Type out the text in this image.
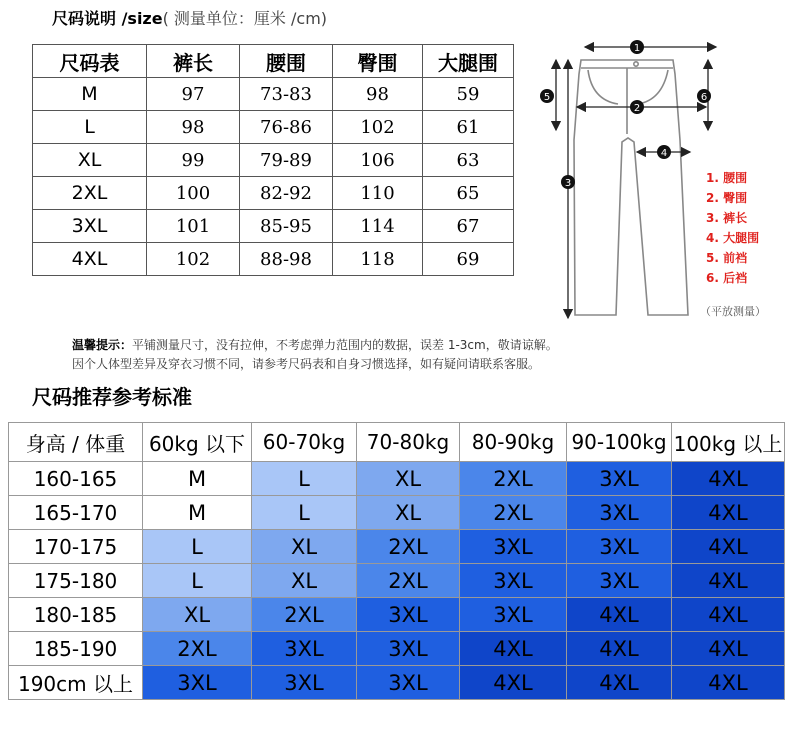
尺码说明 /size( 测量单位：厘米 /cm)
尺码表	裤长	腰围	臀围	大腿围
M	97	73-83	98	59
L	98	76-86	102	61
XL	99	79-89	106	63
2XL	100	82-92	110	65
3XL	101	85-95	114	67
4XL	102	88-98	118	69
1
2
3
4
5	6
1. 腰围
2. 臀围
3. 裤长
4. 大腿围
5. 前裆
6. 后裆
（平放测量）
温馨提示：平铺测量尺寸，没有拉伸，不考虑弹力范围内的数据，误差 1-3cm，敬请谅解。
因个人体型差异及穿衣习惯不同，请参考尺码表和自身习惯选择，如有疑问请联系客服。
尺码推荐参考标准
身高 / 体重	60kg 以下	60-70kg	70-80kg	80-90kg	90-100kg	100kg 以上
160-165	M	L	XL	2XL	3XL	4XL
165-170	M	L	XL	2XL	3XL	4XL
170-175	L	XL	2XL	3XL	3XL	4XL
175-180	L	XL	2XL	3XL	3XL	4XL
180-185	XL	2XL	3XL	3XL	4XL	4XL
185-190	2XL	3XL	3XL	4XL	4XL	4XL
190cm 以上	3XL	3XL	3XL	4XL	4XL	4XL
